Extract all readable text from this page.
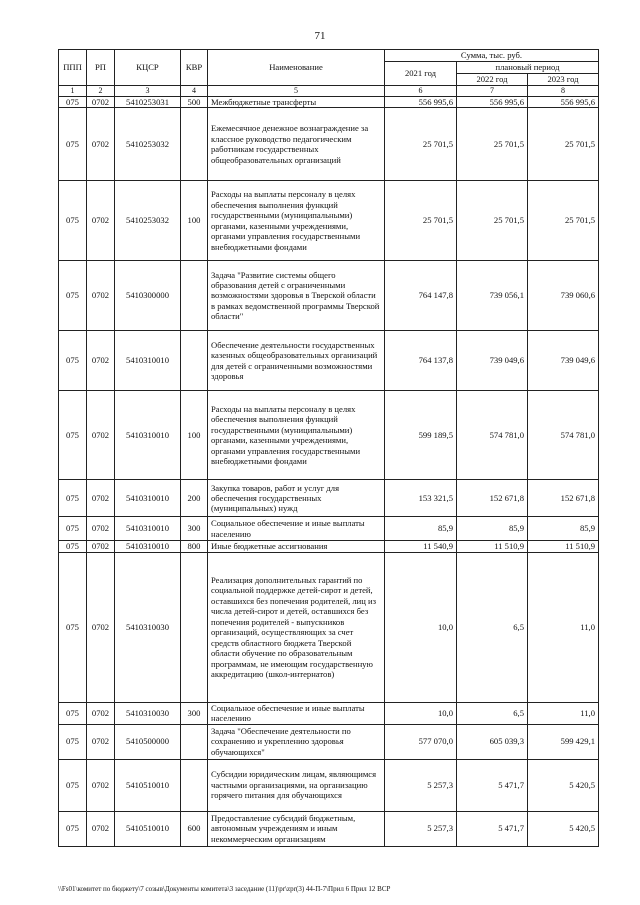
71
ППП	РП	КЦСР	КВР	Наименование	Сумма, тыс. руб.		
					2021 год	плановый период	
						2022 год	2023 год
1	2	3	4	5	6	7	8
075	0702	5410253031	500	Межбюджетные трансферты	556 995,6	556 995,6	556 995,6
075	0702	5410253032		Ежемесячное денежное вознаграждение за классное руководство педагогическим работникам государственных общеобразовательных организаций	25 701,5	25 701,5	25 701,5
075	0702	5410253032	100	Расходы на выплаты персоналу в целях обеспечения выполнения функций государственными (муниципальными) органами, казенными учреждениями, органами управления государственными внебюджетными фондами	25 701,5	25 701,5	25 701,5
075	0702	5410300000		Задача "Развитие системы общего образования детей с ограниченными возможностями здоровья в Тверской области в рамках ведомственной программы Тверской области"	764 147,8	739 056,1	739 060,6
075	0702	5410310010		Обеспечение деятельности государственных казенных общеобразовательных организаций для детей с ограниченными возможностями здоровья	764 137,8	739 049,6	739 049,6
075	0702	5410310010	100	Расходы на выплаты персоналу в целях обеспечения выполнения функций государственными (муниципальными) органами, казенными учреждениями, органами управления государственными внебюджетными фондами	599 189,5	574 781,0	574 781,0
075	0702	5410310010	200	Закупка товаров, работ и услуг для обеспечения государственных (муниципальных) нужд	153 321,5	152 671,8	152 671,8
075	0702	5410310010	300	Социальное обеспечение и иные выплаты населению	85,9	85,9	85,9
075	0702	5410310010	800	Иные бюджетные ассигнования	11 540,9	11 510,9	11 510,9
075	0702	5410310030		Реализация дополнительных гарантий по социальной поддержке детей-сирот и детей, оставшихся без попечения родителей, лиц из числа детей-сирот и детей, оставшихся без попечения родителей - выпускников организаций, осуществляющих за счет средств областного бюджета Тверской области обучение по образовательным программам, не имеющим государственную аккредитацию (школ-интернатов)	10,0	6,5	11,0
075	0702	5410310030	300	Социальное обеспечение и иные выплаты населению	10,0	6,5	11,0
075	0702	5410500000		Задача "Обеспечение деятельности по сохранению и укреплению здоровья обучающихся"	577 070,0	605 039,3	599 429,1
075	0702	5410510010		Субсидии юридическим лицам, являющимся частными организациями, на организацию горячего питания для обучающихся	5 257,3	5 471,7	5 420,5
075	0702	5410510010	600	Предоставление субсидий бюджетным, автономным учреждениям и иным некоммерческим организациям	5 257,3	5 471,7	5 420,5
\\Fs01\комитет по бюджету\7 созыв\Документы комитета\3 заседание (11)\pr\zpr(3) 44-П-7\Прил 6 Прил 12 ВСР
